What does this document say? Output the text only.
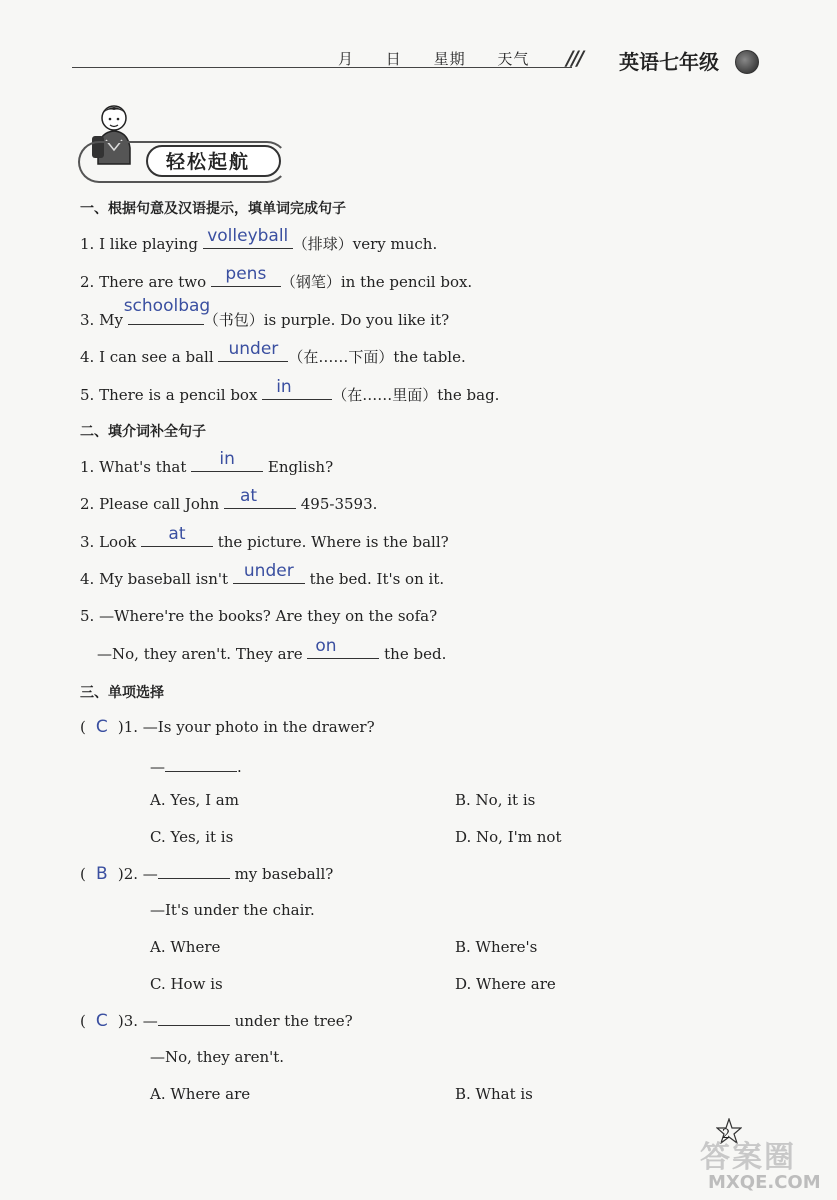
月 日 星期 天气	/// 英语七年级
轻松起航
一、根据句意及汉语提示，填单词完成句子
1. I like playing volleyball （排球）very much.
2. There are two pens （钢笔）in the pencil box.
3. My
schoolbag
（书包）is purple. Do you like it?
4. I can see a ball under （在……下面）the table.
5. There is a pencil box in	（在……里面）the bag.
二、填介词补全句子
1. What's that	in	English?
2. Please call John at	495-3593.
3. Look	at	the picture. Where is the ball?
4. My baseball isn't under the bed. It's on it.
5. —Where're the books? Are they on the sofa?
—No, they aren't. They are on	the bed.
三、单项选择
( C )1. —Is your photo in the drawer?
—	.
A. Yes, I am	B. No, it is
C. Yes, it is	D. No, I'm not
( B )2. —	my baseball?
—It's under the chair.
A. Where	B. Where's
C. How is	D. Where are
( C )3. —	under the tree?
—No, they aren't.
A. Where are	B. What is
2
答案圈
MXQE.COM
